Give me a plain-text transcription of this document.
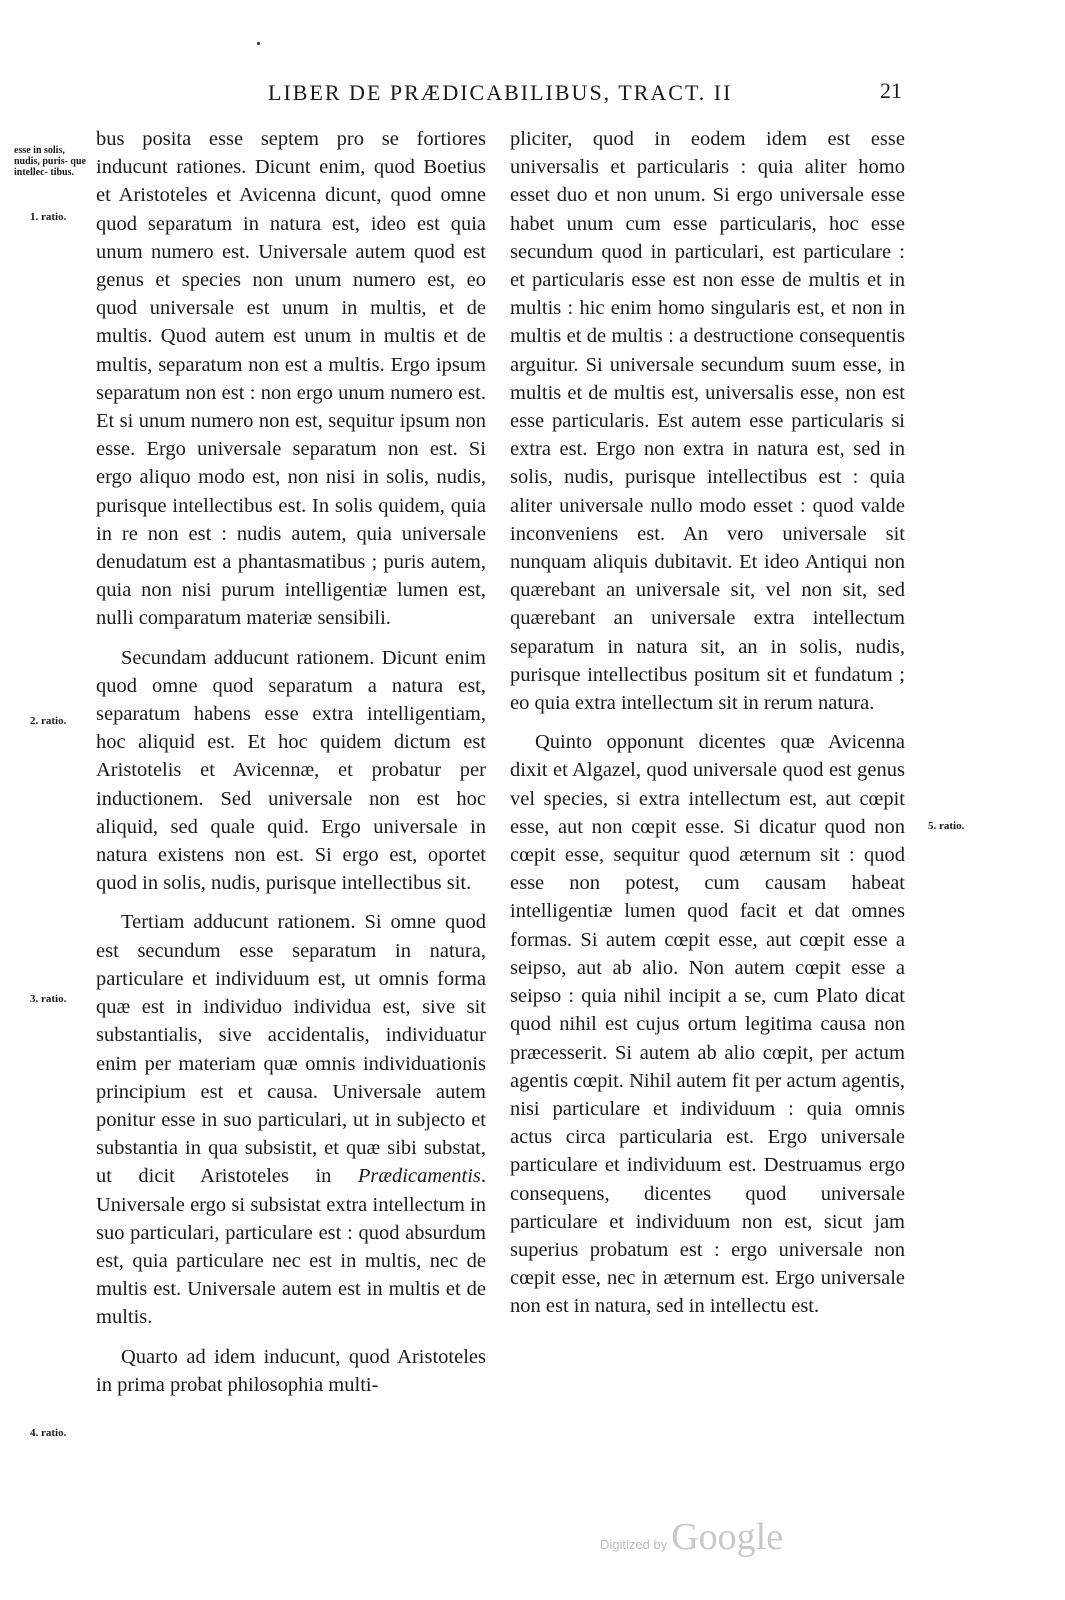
LIBER DE PRÆDICABILIBUS, TRACT. II	21
esse in solis, nudis, puris- que intellec- tibus.
1. ratio.
2. ratio.
3. ratio.
4. ratio.
5. ratio.

bus posita esse septem pro se fortiores inducunt rationes. Dicunt enim, quod Boetius et Aristoteles et Avicenna dicunt, quod omne quod separatum in natura est, ideo est quia unum numero est. Universale autem quod est genus et species non unum numero est, eo quod universale est unum in multis, et de multis. Quod autem est unum in multis et de multis, separatum non est a multis. Ergo ipsum separatum non est : non ergo unum numero est. Et si unum numero non est, sequitur ipsum non esse. Ergo universale separatum non est. Si ergo aliquo modo est, non nisi in solis, nudis, purisque intellectibus est. In solis quidem, quia in re non est : nudis autem, quia universale denudatum est a phantasmatibus ; puris autem, quia non nisi purum intelligentiæ lumen est, nulli comparatum materiæ sensibili.

Secundam adducunt rationem. Dicunt enim quod omne quod separatum a natura est, separatum habens esse extra intelligentiam, hoc aliquid est. Et hoc quidem dictum est Aristotelis et Avicennæ, et probatur per inductionem. Sed universale non est hoc aliquid, sed quale quid. Ergo universale in natura existens non est. Si ergo est, oportet quod in solis, nudis, purisque intellectibus sit.

Tertiam adducunt rationem. Si omne quod est secundum esse separatum in natura, particulare et individuum est, ut omnis forma quæ est in individuo individua est, sive sit substantialis, sive accidentalis, individuatur enim per materiam quæ omnis individuationis principium est et causa. Universale autem ponitur esse in suo particulari, ut in subjecto et substantia in qua subsistit, et quæ sibi substat, ut dicit Aristoteles in Prædicamentis. Universale ergo si subsistat extra intellectum in suo particulari, particulare est : quod absurdum est, quia particulare nec est in multis, nec de multis est. Universale autem est in multis et de multis.

Quarto ad idem inducunt, quod Aristoteles in prima probat philosophia multi-

pliciter, quod in eodem idem est esse universalis et particularis : quia aliter homo esset duo et non unum. Si ergo universale esse habet unum cum esse particularis, hoc esse secundum quod in particulari, est particulare : et particularis esse est non esse de multis et in multis : hic enim homo singularis est, et non in multis et de multis : a destructione consequentis arguitur. Si universale secundum suum esse, in multis et de multis est, universalis esse, non est esse particularis. Est autem esse particularis si extra est. Ergo non extra in natura est, sed in solis, nudis, purisque intellectibus est : quia aliter universale nullo modo esset : quod valde inconveniens est. An vero universale sit nunquam aliquis dubitavit. Et ideo Antiqui non quærebant an universale sit, vel non sit, sed quærebant an universale extra intellectum separatum in natura sit, an in solis, nudis, purisque intellectibus positum sit et fundatum ; eo quia extra intellectum sit in rerum natura.

Quinto opponunt dicentes quæ Avicenna dixit et Algazel, quod universale quod est genus vel species, si extra intellectum est, aut cœpit esse, aut non cœpit esse. Si dicatur quod non cœpit esse, sequitur quod æternum sit : quod esse non potest, cum causam habeat intelligentiæ lumen quod facit et dat omnes formas. Si autem cœpit esse, aut cœpit esse a seipso, aut ab alio. Non autem cœpit esse a seipso : quia nihil incipit a se, cum Plato dicat quod nihil est cujus ortum legitima causa non præcesserit. Si autem ab alio cœpit, per actum agentis cœpit. Nihil autem fit per actum agentis, nisi particulare et individuum : quia omnis actus circa particularia est. Ergo universale particulare et individuum est. Destruamus ergo consequens, dicentes quod universale particulare et individuum non est, sicut jam superius probatum est : ergo universale non cœpit esse, nec in æternum est. Ergo universale non est in natura, sed in intellectu est.

Digitized by Google
